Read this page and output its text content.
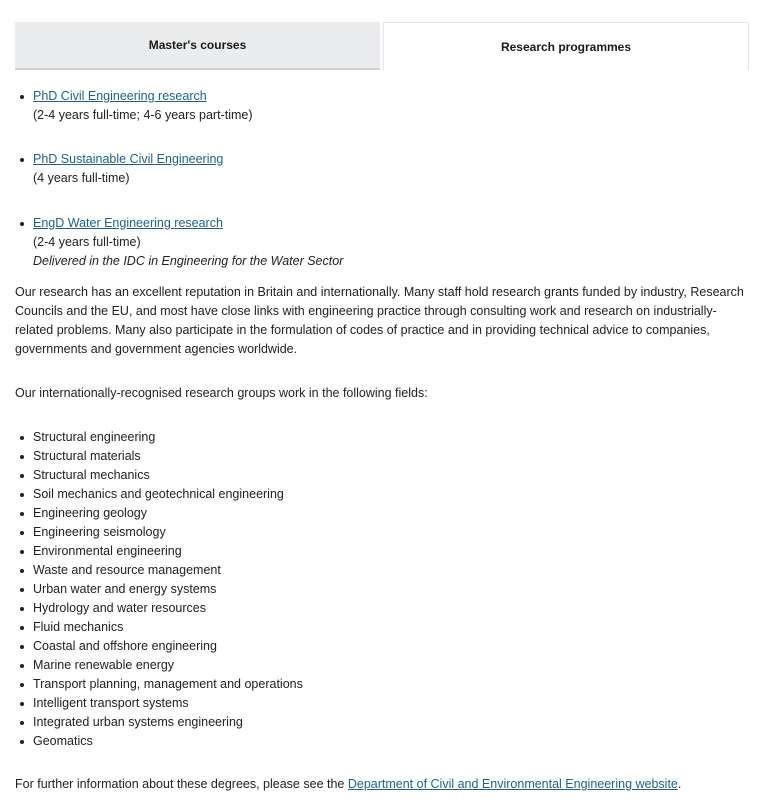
Master's courses	Research programmes
PhD Civil Engineering research
(2-4 years full-time; 4-6 years part-time)
PhD Sustainable Civil Engineering
(4 years full-time)
EngD Water Engineering research
(2-4 years full-time)
Delivered in the IDC in Engineering for the Water Sector

Our research has an excellent reputation in Britain and internationally. Many staff hold research grants funded by industry, Research Councils and the EU, and most have close links with engineering practice through consulting work and research on industrially-related problems. Many also participate in the formulation of codes of practice and in providing technical advice to companies, governments and government agencies worldwide.

Our internationally-recognised research groups work in the following fields:

Structural engineering
Structural materials
Structural mechanics
Soil mechanics and geotechnical engineering
Engineering geology
Engineering seismology
Environmental engineering
Waste and resource management
Urban water and energy systems
Hydrology and water resources
Fluid mechanics
Coastal and offshore engineering
Marine renewable energy
Transport planning, management and operations
Intelligent transport systems
Integrated urban systems engineering
Geomatics

For further information about these degrees, please see the Department of Civil and Environmental Engineering website.
